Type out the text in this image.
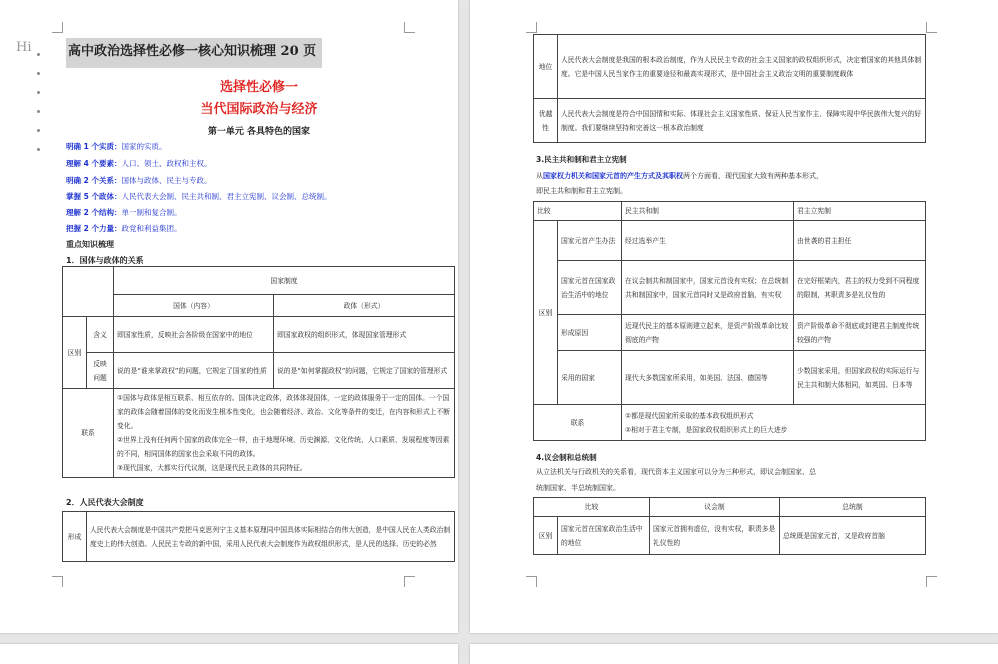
Hi	高中政治选择性必修一核心知识梳理 20 页
选择性必修一
当代国际政治与经济
第一单元 各具特色的国家
明确 1 个实质：国家的实质。
理解 4 个要素：人口、领土、政权和主权。
明确 2 个关系：国体与政体、民主与专政。
掌握 5 个政体：人民代表大会制、民主共和制、君主立宪制、议会制、总统制。
理解 2 个结构：单一制和复合制。
把握 2 个力量：政党和利益集团。
重点知识梳理
1．国体与政体的关系
		国家制度	
		国体（内容）	政体（形式）
区别	含义	即国家性质，反映社会各阶级在国家中的地位	即国家政权的组织形式，体现国家管理形式
	反映问题	说的是“谁来掌政权”的问题，它规定了国家的性质	说的是“如何掌握政权”的问题，它规定了国家的管理形式
联系		①国体与政体是相互联系、相互依存的。国体决定政体，政体体现国体，一定的政体服务于一定的国体。一个国家的政体会随着国体的变化而发生根本性变化，也会随着经济、政治、文化等条件的变迁，在内容和形式上不断变化。
②世界上没有任何两个国家的政体完全一样，由于地理环境、历史渊源、文化传统、人口素质、发展程度等因素的不同，相同国体的国家也会采取不同的政体。
③现代国家，大都实行代议制，这是现代民主政体的共同特征。	
2．人民代表大会制度
形成	人民代表大会制度是中国共产党把马克思列宁主义基本原理同中国具体实际相结合的伟大创造，是中国人民在人类政治制度史上的伟大创造。人民民主专政的新中国，采用人民代表大会制度作为政权组织形式，是人民的选择、历史的必然
地位	人民代表大会制度是我国的根本政治制度，作为人民民主专政的社会主义国家的政权组织形式，决定着国家的其他具体制度。它是中国人民当家作主的重要途径和最高实现形式，是中国社会主义政治文明的重要制度载体
优越性	人民代表大会制度是符合中国国情和实际、体现社会主义国家性质、保证人民当家作主、保障实现中华民族伟大复兴的好制度。我们要继续坚持和完善这一根本政治制度
3.民主共和制和君主立宪制
从国家权力机关和国家元首的产生方式及其职权两个方面看，现代国家大致有两种基本形式，
即民主共和制和君主立宪制。
比较		民主共和制	君主立宪制
区别	国家元首产生办法	经过选举产生	由世袭的君主担任
	国家元首在国家政治生活中的地位	在议会制共和制国家中，国家元首没有实权；在总统制共和制国家中，国家元首同时又是政府首脑，有实权	在完好框架内，君主的权力受到不同程度的限制，其职责多是礼仪性的
	形成原因	近现代民主的基本原则建立起来，是资产阶级革命比较彻底的产物	资产阶级革命不彻底或封建君主制度传统较强的产物
	采用的国家	现代大多数国家所采用，如美国、法国、德国等	少数国家采用，但国家政权的实际运行与民主共和制大体相同，如英国、日本等
联系		①都是现代国家所采取的基本政权组织形式
②相对于君主专制，是国家政权组织形式上的巨大进步	
4.议会制和总统制
从立法机关与行政机关的关系看，现代资本主义国家可以分为三种形式，即议会制国家、总
统制国家、半总统制国家。
比较		议会制	总统制
区别	国家元首在国家政治生活中的地位	国家元首拥有虚位，没有实权，职责多是礼仪性的	总统既是国家元首，又是政府首脑
